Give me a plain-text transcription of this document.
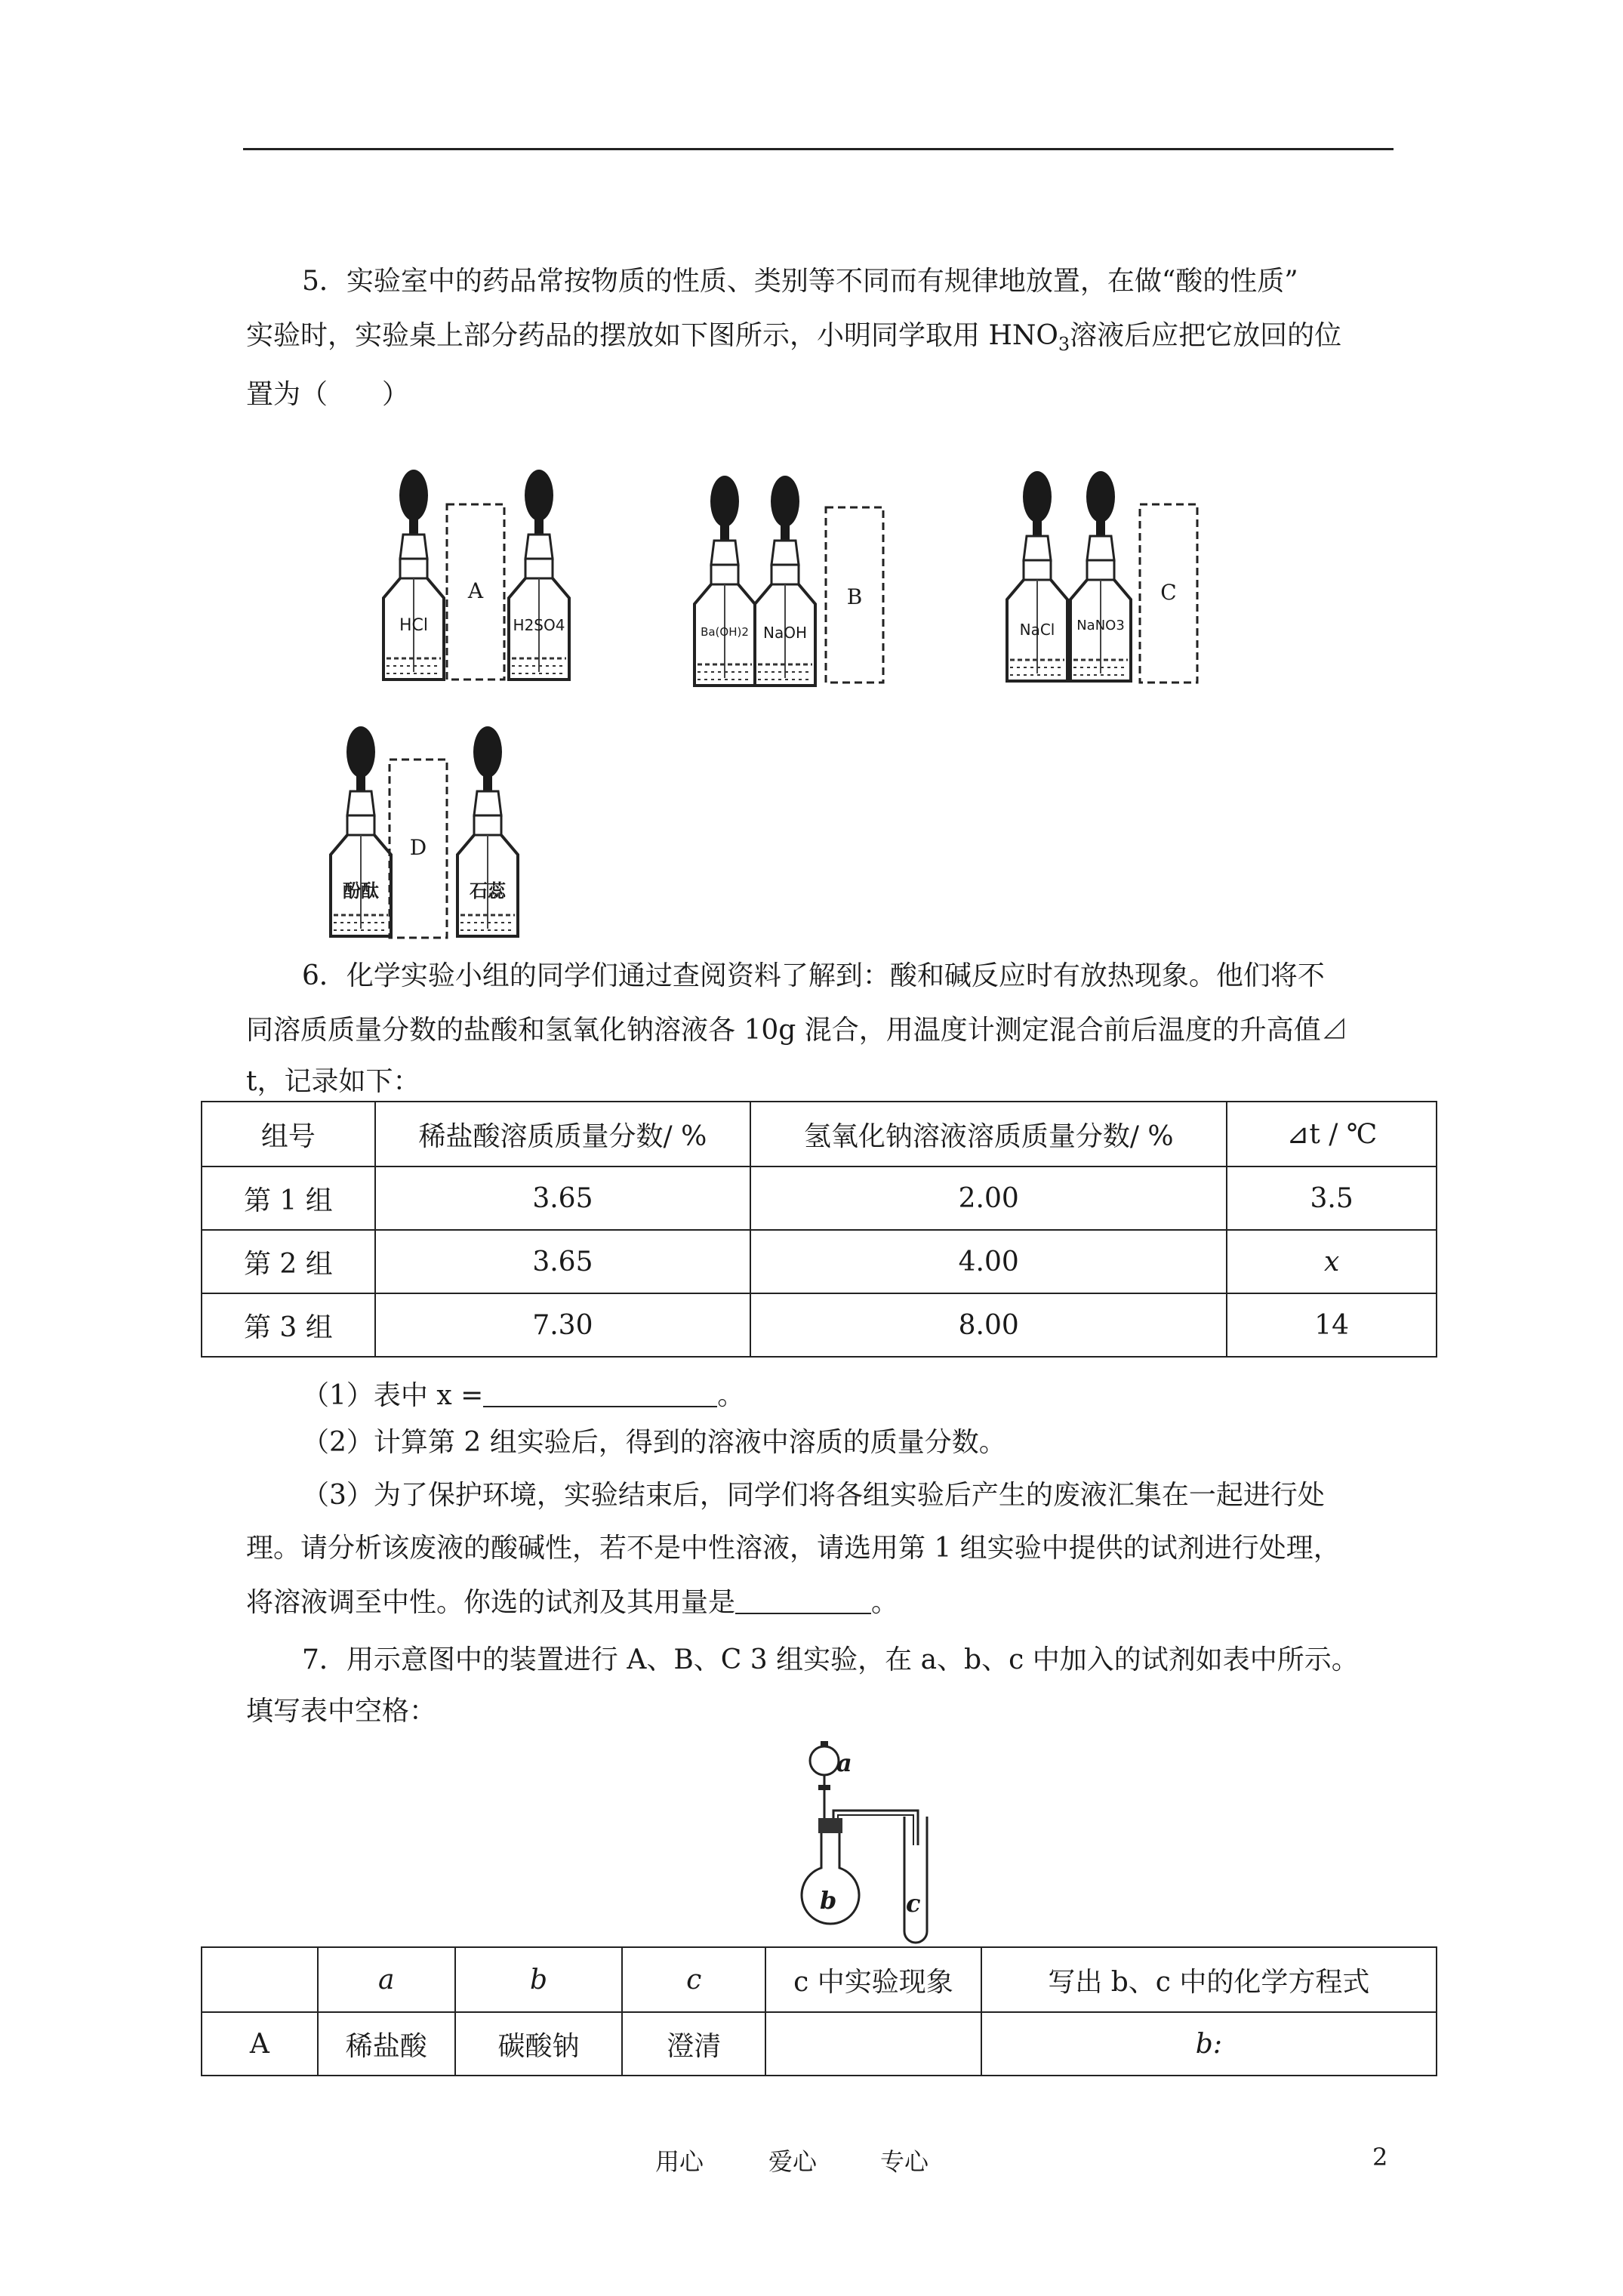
5．实验室中的药品常按物质的性质、类别等不同而有规律地放置，在做“酸的性质”

实验时，实验桌上部分药品的摆放如下图所示，小明同学取用 $HNO_3$溶液后应把它放回的位

置为（　　）

HCl
A
H2SO4	Ba(OH)2
B
NaOH	NaCl	NaNO3
C
酚酞
D
石蕊

6．化学实验小组的同学们通过查阅资料了解到：酸和碱反应时有放热现象。他们将不

同溶质质量分数的盐酸和氢氧化钠溶液各 10g 混合，用温度计测定混合前后温度的升高值⊿

t，记录如下：

组号	稀盐酸溶质质量分数/ %	氢氧化钠溶液溶质质量分数/ %	⊿t / ℃
第 1 组	3.65	2.00	3.5
第 2 组	3.65	4.00	x
第 3 组	7.30	8.00	14

（1）表中 x =	。

（2）计算第 2 组实验后，得到的溶液中溶质的质量分数。

（3）为了保护环境，实验结束后，同学们将各组实验后产生的废液汇集在一起进行处

理。请分析该废液的酸碱性，若不是中性溶液，请选用第 1 组实验中提供的试剂进行处理，

将溶液调至中性。你选的试剂及其用量是	。

7．用示意图中的装置进行 A、B、C 3 组实验，在 a、b、c 中加入的试剂如表中所示。

填写表中空格：

a
b	c
	a	b	c	c 中实验现象	写出 b、c 中的化学方程式
A	稀盐酸	碳酸钠	澄清		b:
用心	爱心	专心	2
